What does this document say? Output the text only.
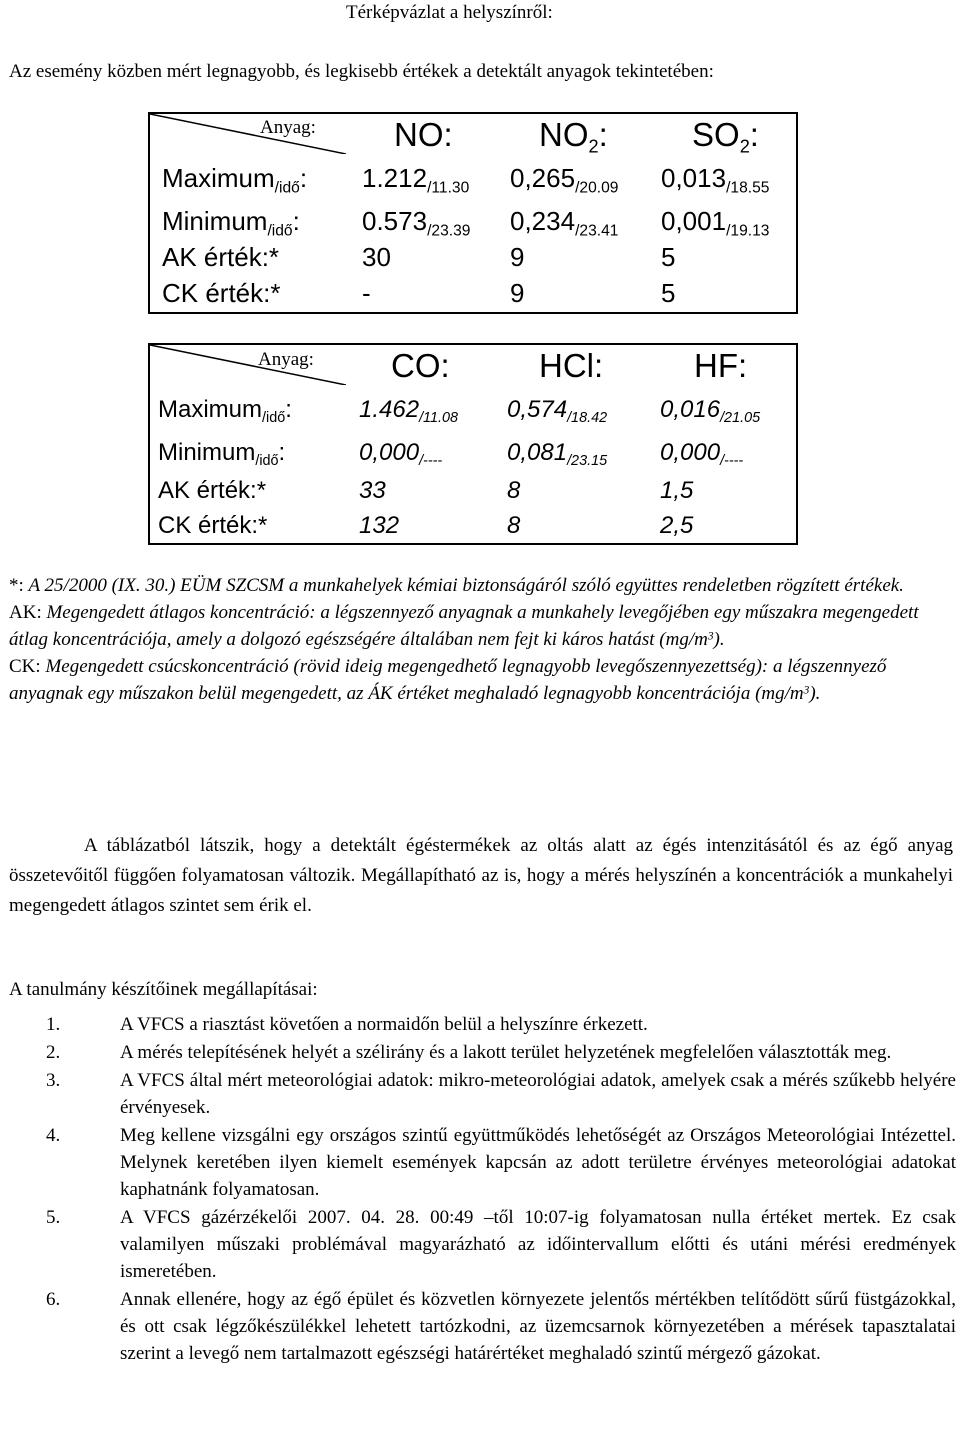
Térképvázlat a helyszínről:
Az esemény közben mért legnagyobb, és legkisebb értékek a detektált anyagok tekintetében:
Anyag: NO:	$NO_2$:	$SO_2$:
Maximum$_{/idő}$: $1.212_{/11.30}$ $0,265_{/20.09}$ $0,013_{/18.55}$
Minimum$_{/idő}$: $0.573_{/23.39}$ $0,234_{/23.41}$ $0,001_{/19.13}$
AK érték:*	30	9	5
CK érték:*	-	9	5
Anyag: CO:	HCl:	HF:
Maximum$_{/idő}$:	$1.462_{/11.08}$ $0,574_{/18.42}$ $0,016_{/21.05}$
Minimum$_{/idő}$:	$0,000_{/----}$	$0,081_{/23.15}$ $0,000_{/----}$
AK érték:*	33	8	1,5
CK érték:*	132	8	2,5
*: A 25/2000 (IX. 30.) EÜM SZCSM a munkahelyek kémiai biztonságáról szóló együttes rendeletben rögzített értékek.
AK: Megengedett átlagos koncentráció: a légszennyező anyagnak a munkahely levegőjében egy műszakra megengedett átlag koncentrációja, amely a dolgozó egészségére általában nem fejt ki káros hatást $(mg/m^3)$.
CK: Megengedett csúcskoncentráció (rövid ideig megengedhető legnagyobb levegőszennyezettség): a légszennyező anyagnak egy műszakon belül megengedett, az ÁK értéket meghaladó legnagyobb koncentrációja $(mg/m^3)$.
A táblázatból látszik, hogy a detektált égéstermékek az oltás alatt az égés intenzitásától és az égő anyag összetevőitől függően folyamatosan változik. Megállapítható az is, hogy a mérés helyszínén a koncentrációk a munkahelyi megengedett átlagos szintet sem érik el.
A tanulmány készítőinek megállapításai:
1.	A VFCS a riasztást követően a normaidőn belül a helyszínre érkezett.
2.	A mérés telepítésének helyét a szélirány és a lakott terület helyzetének megfelelően választották meg.
3.	A VFCS által mért meteorológiai adatok: mikro-meteorológiai adatok, amelyek csak a mérés szűkebb helyére érvényesek.
4.	Meg kellene vizsgálni egy országos szintű együttműködés lehetőségét az Országos Meteorológiai Intézettel. Melynek keretében ilyen kiemelt események kapcsán az adott területre érvényes meteorológiai adatokat kaphatnánk folyamatosan.
5.	A VFCS gázérzékelői 2007. 04. 28. 00:49 –től 10:07-ig folyamatosan nulla értéket mertek. Ez csak valamilyen műszaki problémával magyarázható az időintervallum előtti és utáni mérési eredmények ismeretében.
6.	Annak ellenére, hogy az égő épület és közvetlen környezete jelentős mértékben telítődött sűrű füstgázokkal, és ott csak légzőkészülékkel lehetett tartózkodni, az üzemcsarnok környezetében a mérések tapasztalatai szerint a levegő nem tartalmazott egészségi határértéket meghaladó szintű mérgező gázokat.
